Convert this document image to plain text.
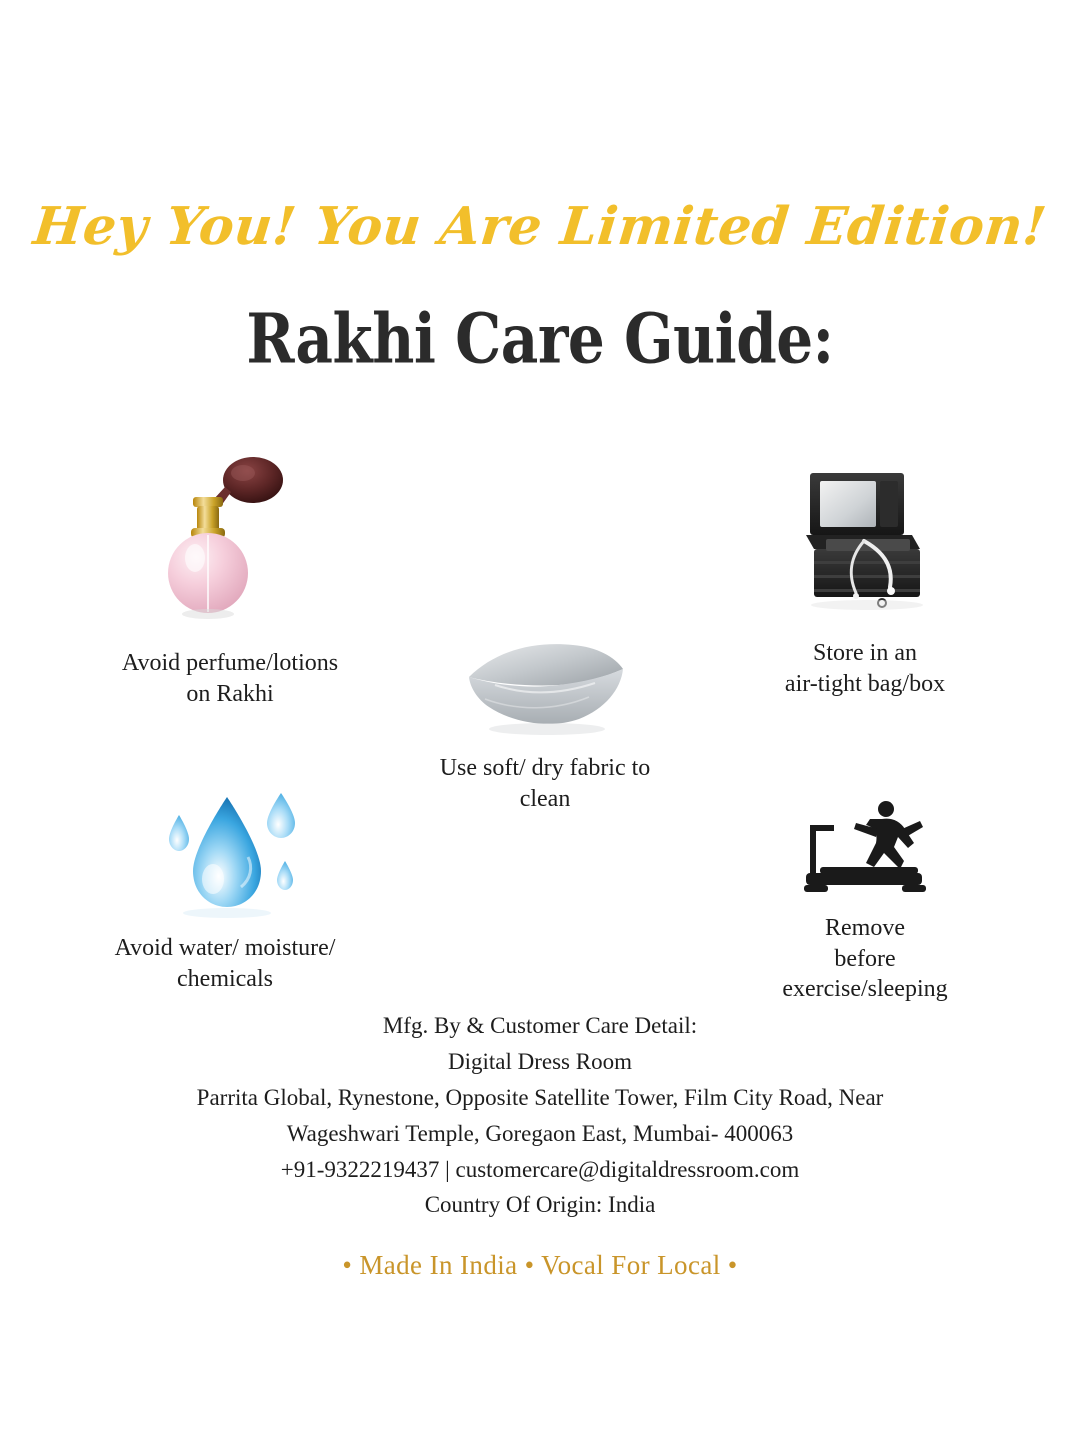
Hey You! You Are Limited Edition!
Rakhi Care Guide:
Avoid perfume/lotions
on Rakhi
Use soft/ dry fabric to
clean
Store in an
air-tight bag/box
Avoid water/ moisture/
chemicals
Remove
before
exercise/sleeping
Mfg. By & Customer Care Detail:
Digital Dress Room
Parrita Global, Rynestone, Opposite Satellite Tower, Film City Road, Near
Wageshwari Temple, Goregaon East, Mumbai- 400063
+91-9322219437 | customercare@digitaldressroom.com
Country Of Origin: India
• Made In India • Vocal For Local •
